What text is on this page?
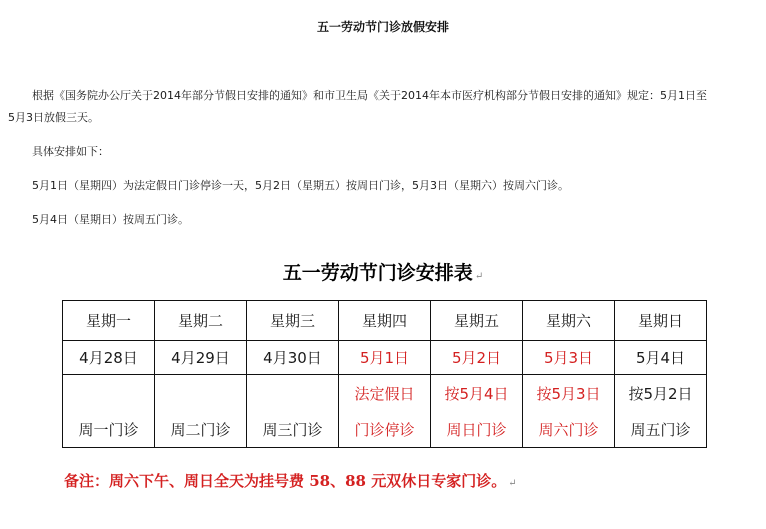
五一劳动节门诊放假安排
根据《国务院办公厅关于2014年部分节假日安排的通知》和市卫生局《关于2014年本市医疗机构部分节假日安排的通知》规定：5月1日至
5月3日放假三天。
具体安排如下：
5月1日（星期四）为法定假日门诊停诊一天，5月2日（星期五）按周日门诊，5月3日（星期六）按周六门诊。
5月4日（星期日）按周五门诊。
五一劳动节门诊安排表 ↵
星期一	星期二	星期三	星期四	星期五	星期六	星期日
4月28日	4月29日	4月30日	5月1日	5月2日	5月3日	5月4日
			法定假日	按5月4日	按5月3日	按5月2日
周一门诊	周二门诊	周三门诊	门诊停诊	周日门诊	周六门诊	周五门诊
备注：周六下午、周日全天为挂号费 58、88 元双休日专家门诊。 ↵
